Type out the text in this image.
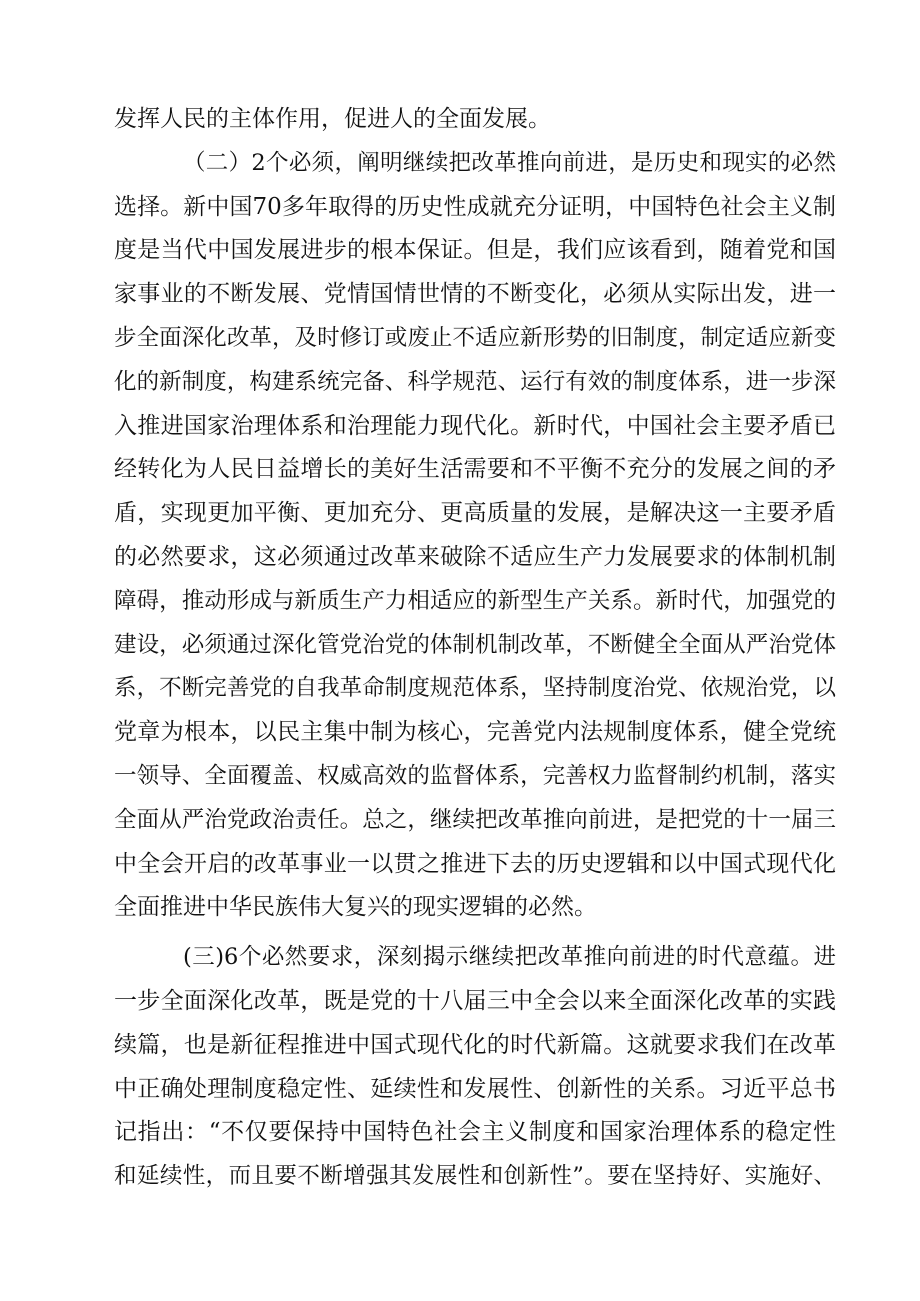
发挥人民的主体作用，促进人的全面发展。
（二）2个必须，阐明继续把改革推向前进，是历史和现实的必然
选择。新中国70多年取得的历史性成就充分证明，中国特色社会主义制
度是当代中国发展进步的根本保证。但是，我们应该看到，随着党和国
家事业的不断发展、党情国情世情的不断变化，必须从实际出发，进一
步全面深化改革，及时修订或废止不适应新形势的旧制度，制定适应新变
化的新制度，构建系统完备、科学规范、运行有效的制度体系，进一步深
入推进国家治理体系和治理能力现代化。新时代，中国社会主要矛盾已
经转化为人民日益增长的美好生活需要和不平衡不充分的发展之间的矛
盾，实现更加平衡、更加充分、更高质量的发展，是解决这一主要矛盾
的必然要求，这必须通过改革来破除不适应生产力发展要求的体制机制
障碍，推动形成与新质生产力相适应的新型生产关系。新时代，加强党的
建设，必须通过深化管党治党的体制机制改革，不断健全全面从严治党体
系，不断完善党的自我革命制度规范体系，坚持制度治党、依规治党，以
党章为根本，以民主集中制为核心，完善党内法规制度体系，健全党统
一领导、全面覆盖、权威高效的监督体系，完善权力监督制约机制，落实
全面从严治党政治责任。总之，继续把改革推向前进，是把党的十一届三
中全会开启的改革事业一以贯之推进下去的历史逻辑和以中国式现代化
全面推进中华民族伟大复兴的现实逻辑的必然。
(三)6个必然要求，深刻揭示继续把改革推向前进的时代意蕴。进
一步全面深化改革，既是党的十八届三中全会以来全面深化改革的实践
续篇，也是新征程推进中国式现代化的时代新篇。这就要求我们在改革
中正确处理制度稳定性、延续性和发展性、创新性的关系。习近平总书
记指出：“不仅要保持中国特色社会主义制度和国家治理体系的稳定性
和延续性，而且要不断增强其发展性和创新性”。要在坚持好、实施好、
